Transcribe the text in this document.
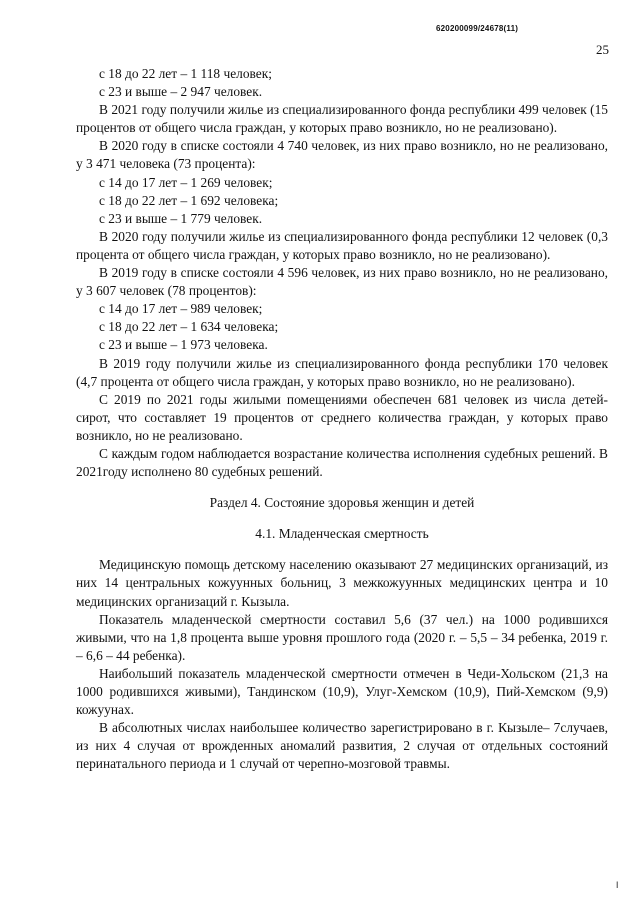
620200099/24678(11)
25

с 18 до 22 лет – 1 118 человек;

с 23 и выше – 2 947 человек.

В 2021 году получили жилье из специализированного фонда республики 499 человек (15 процентов от общего числа граждан, у которых право возникло, но не реализовано).

В 2020 году в списке состояли 4 740 человек, из них право возникло, но не реализовано, у 3 471 человека (73 процента):

с 14 до 17 лет – 1 269 человек;

с 18 до 22 лет – 1 692 человека;

с 23 и выше – 1 779 человек.

В 2020 году получили жилье из специализированного фонда республики 12 человек (0,3 процента от общего числа граждан, у которых право возникло, но не реализовано).

В 2019 году в списке состояли 4 596 человек, из них право возникло, но не реализовано, у 3 607 человек (78 процентов):

с 14 до 17 лет – 989 человек;

с 18 до 22 лет – 1 634 человека;

с 23 и выше – 1 973 человека.

В 2019 году получили жилье из специализированного фонда республики 170 человек (4,7 процента от общего числа граждан, у которых право возникло, но не реализовано).

С 2019 по 2021 годы жилыми помещениями обеспечен 681 человек из числа детей-сирот, что составляет 19 процентов от среднего количества граждан, у которых право возникло, но не реализовано.

С каждым годом наблюдается возрастание количества исполнения судебных решений. В 2021году исполнено 80 судебных решений.

Раздел 4. Состояние здоровья женщин и детей

4.1. Младенческая смертность

Медицинскую помощь детскому населению оказывают 27 медицинских организаций, из них 14 центральных кожуунных больниц, 3 межкожуунных медицинских центра и 10 медицинских организаций г. Кызыла.

Показатель младенческой смертности составил 5,6 (37 чел.) на 1000 родившихся живыми, что на 1,8 процента выше уровня прошлого года (2020 г. – 5,5 – 34 ребенка, 2019 г. – 6,6 – 44 ребенка).

Наибольший показатель младенческой смертности отмечен в Чеди-Хольском (21,3 на 1000 родившихся живыми), Тандинском (10,9), Улуг-Хемском (10,9), Пий-Хемском (9,9) кожуунах.

В абсолютных числах наибольшее количество зарегистрировано в г. Кызыле– 7случаев, из них 4 случая от врожденных аномалий развития, 2 случая от отдельных состояний перинатального периода и 1 случай от черепно-мозговой травмы.

ǀ
